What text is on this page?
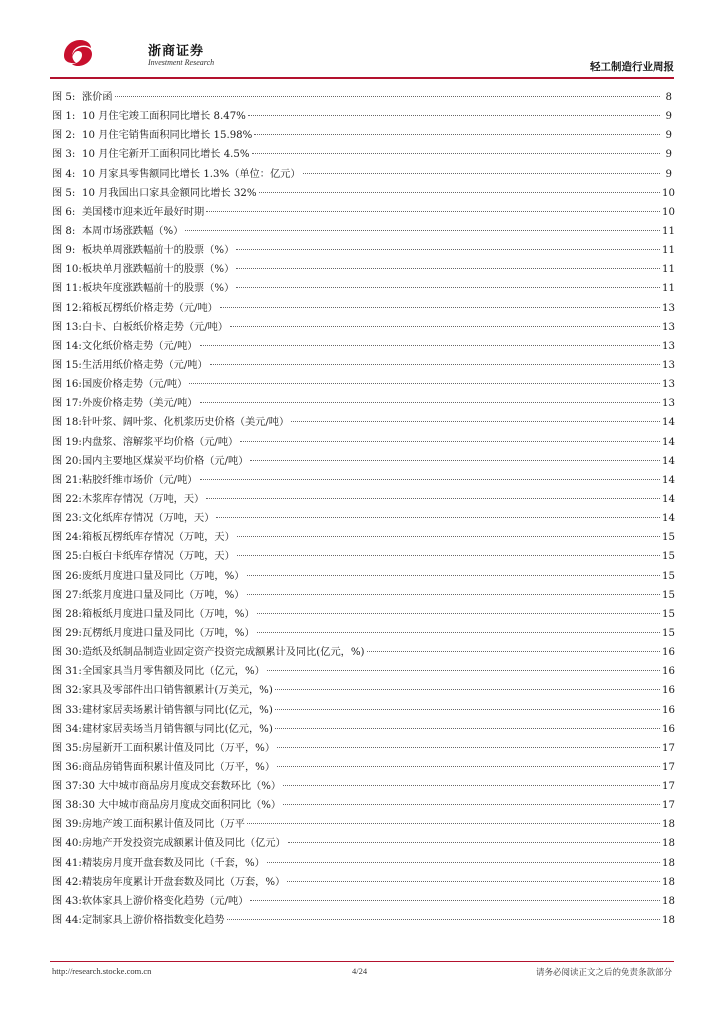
浙商证券
Investment Research	轻工制造行业周报
图 5: 涨价函	8
图 1: 10 月住宅竣工面积同比增长 8.47%	9
图 2: 10 月住宅销售面积同比增长 15.98%	9
图 3: 10 月住宅新开工面积同比增长 4.5%	9
图 4: 10 月家具零售额同比增长 1.3%（单位：亿元）	9
图 5: 10 月我国出口家具金额同比增长 32%	10
图 6: 美国楼市迎来近年最好时期	10
图 8: 本周市场涨跌幅（%）	11
图 9: 板块单周涨跌幅前十的股票（%）	11
图 10: 板块单月涨跌幅前十的股票（%）	11
图 11: 板块年度涨跌幅前十的股票（%）	11
图 12: 箱板瓦楞纸价格走势（元/吨）	13
图 13: 白卡、白板纸价格走势（元/吨）	13
图 14: 文化纸价格走势（元/吨）	13
图 15: 生活用纸价格走势（元/吨）	13
图 16: 国废价格走势（元/吨）	13
图 17: 外废价格走势（美元/吨）	13
图 18: 针叶浆、阔叶浆、化机浆历史价格（美元/吨）	14
图 19: 内盘浆、溶解浆平均价格（元/吨）	14
图 20: 国内主要地区煤炭平均价格（元/吨）	14
图 21: 粘胶纤维市场价（元/吨）	14
图 22: 木浆库存情况（万吨，天）	14
图 23: 文化纸库存情况（万吨，天）	14
图 24: 箱板瓦楞纸库存情况（万吨，天）	15
图 25: 白板白卡纸库存情况（万吨，天）	15
图 26: 废纸月度进口量及同比（万吨，%）	15
图 27: 纸浆月度进口量及同比（万吨，%）	15
图 28: 箱板纸月度进口量及同比（万吨，%）	15
图 29: 瓦楞纸月度进口量及同比（万吨，%）	15
图 30: 造纸及纸制品制造业固定资产投资完成额累计及同比(亿元，%)	16
图 31: 全国家具当月零售额及同比（亿元，%）	16
图 32: 家具及零部件出口销售额累计(万美元，%)	16
图 33: 建材家居卖场累计销售额与同比(亿元，%)	16
图 34: 建材家居卖场当月销售额与同比(亿元，%)	16
图 35: 房屋新开工面积累计值及同比（万平，%）	17
图 36: 商品房销售面积累计值及同比（万平，%）	17
图 37: 30 大中城市商品房月度成交套数环比（%）	17
图 38: 30 大中城市商品房月度成交面积同比（%）	17
图 39: 房地产竣工面积累计值及同比（万平	18
图 40: 房地产开发投资完成额累计值及同比（亿元）	18
图 41: 精装房月度开盘套数及同比（千套，%）	18
图 42: 精装房年度累计开盘套数及同比（万套，%）	18
图 43: 软体家具上游价格变化趋势（元/吨）	18
图 44: 定制家具上游价格指数变化趋势	18
http://research.stocke.com.cn	4/24	请务必阅读正文之后的免责条款部分
